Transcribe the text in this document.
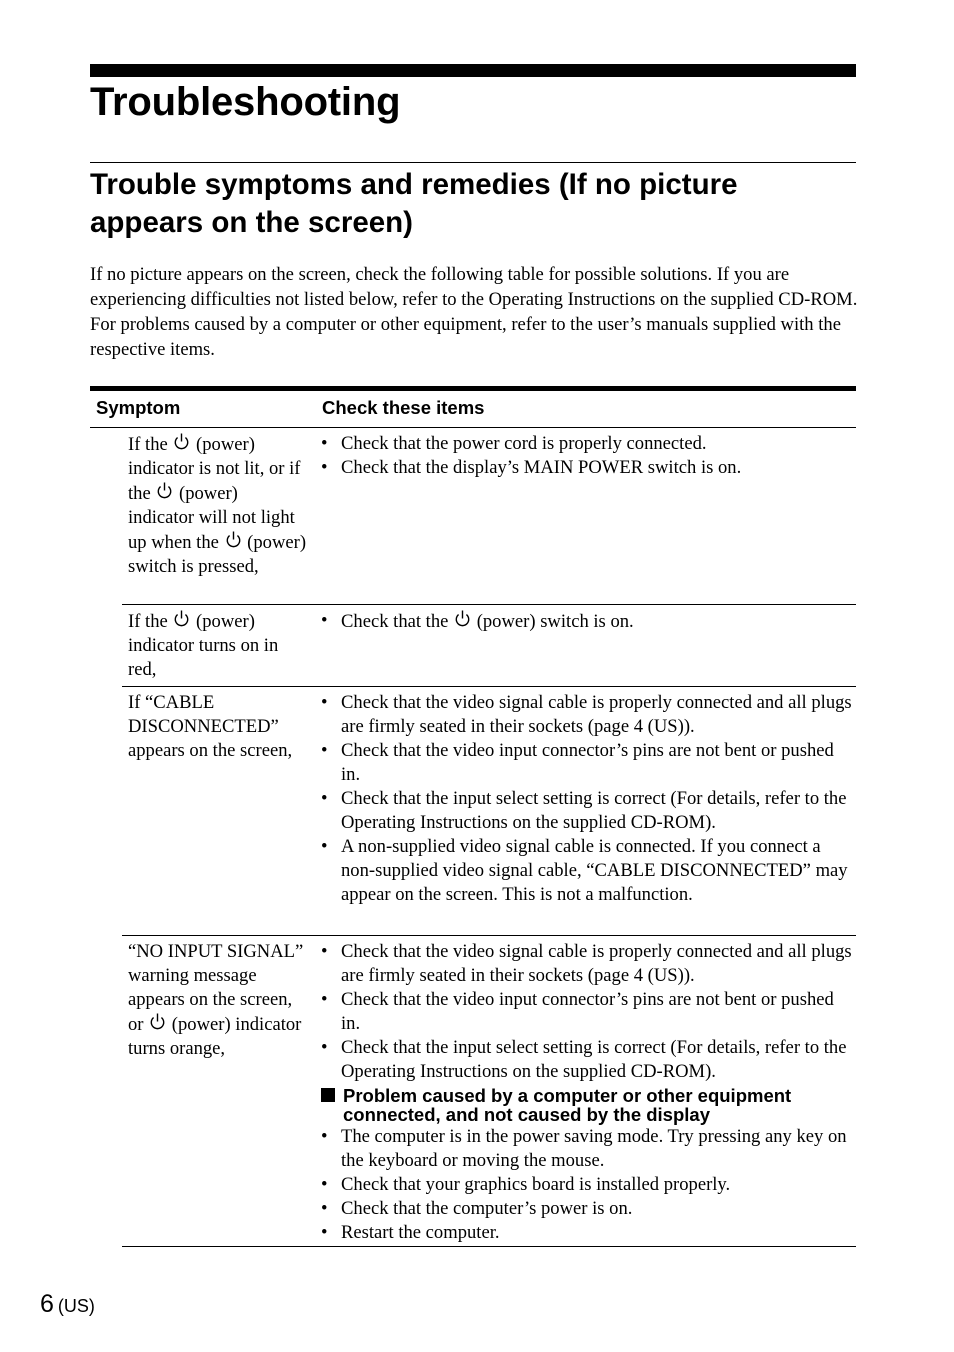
Troubleshooting
Trouble symptoms and remedies (If no picture appears on the screen)

If no picture appears on the screen, check the following table for possible solutions. If you are experiencing difficulties not listed below, refer to the Operating Instructions on the supplied CD-ROM. For problems caused by a computer or other equipment, refer to the user’s manuals supplied with the respective items.

Symptom	Check these items
If the
(power) indicator is not lit, or if the
(power) indicator will not light up when the
(power) switch is pressed,
• Check that the power cord is properly connected.
• Check that the display’s MAIN POWER switch is on.
If the
(power) indicator turns on in red,
• Check that the
(power) switch is on.
If “CABLE DISCONNECTED” appears on the screen,
• Check that the video signal cable is properly connected and all plugs are firmly seated in their sockets (page 4 (US)).
• Check that the video input connector’s pins are not bent or pushed in.
• Check that the input select setting is correct (For details, refer to the Operating Instructions on the supplied CD-ROM).
• A non-supplied video signal cable is connected. If you connect a non-supplied video signal cable, “CABLE DISCONNECTED” may appear on the screen. This is not a malfunction.
“NO INPUT SIGNAL” warning message appears on the screen, or
(power) indicator turns orange,
• Check that the video signal cable is properly connected and all plugs are firmly seated in their sockets (page 4 (US)).
• Check that the video input connector’s pins are not bent or pushed in.
• Check that the input select setting is correct (For details, refer to the Operating Instructions on the supplied CD-ROM).
Problem caused by a computer or other equipment connected, and not caused by the display
• The computer is in the power saving mode. Try pressing any key on the keyboard or moving the mouse.
• Check that your graphics board is installed properly.
• Check that the computer’s power is on.
• Restart the computer.
6 (US)
